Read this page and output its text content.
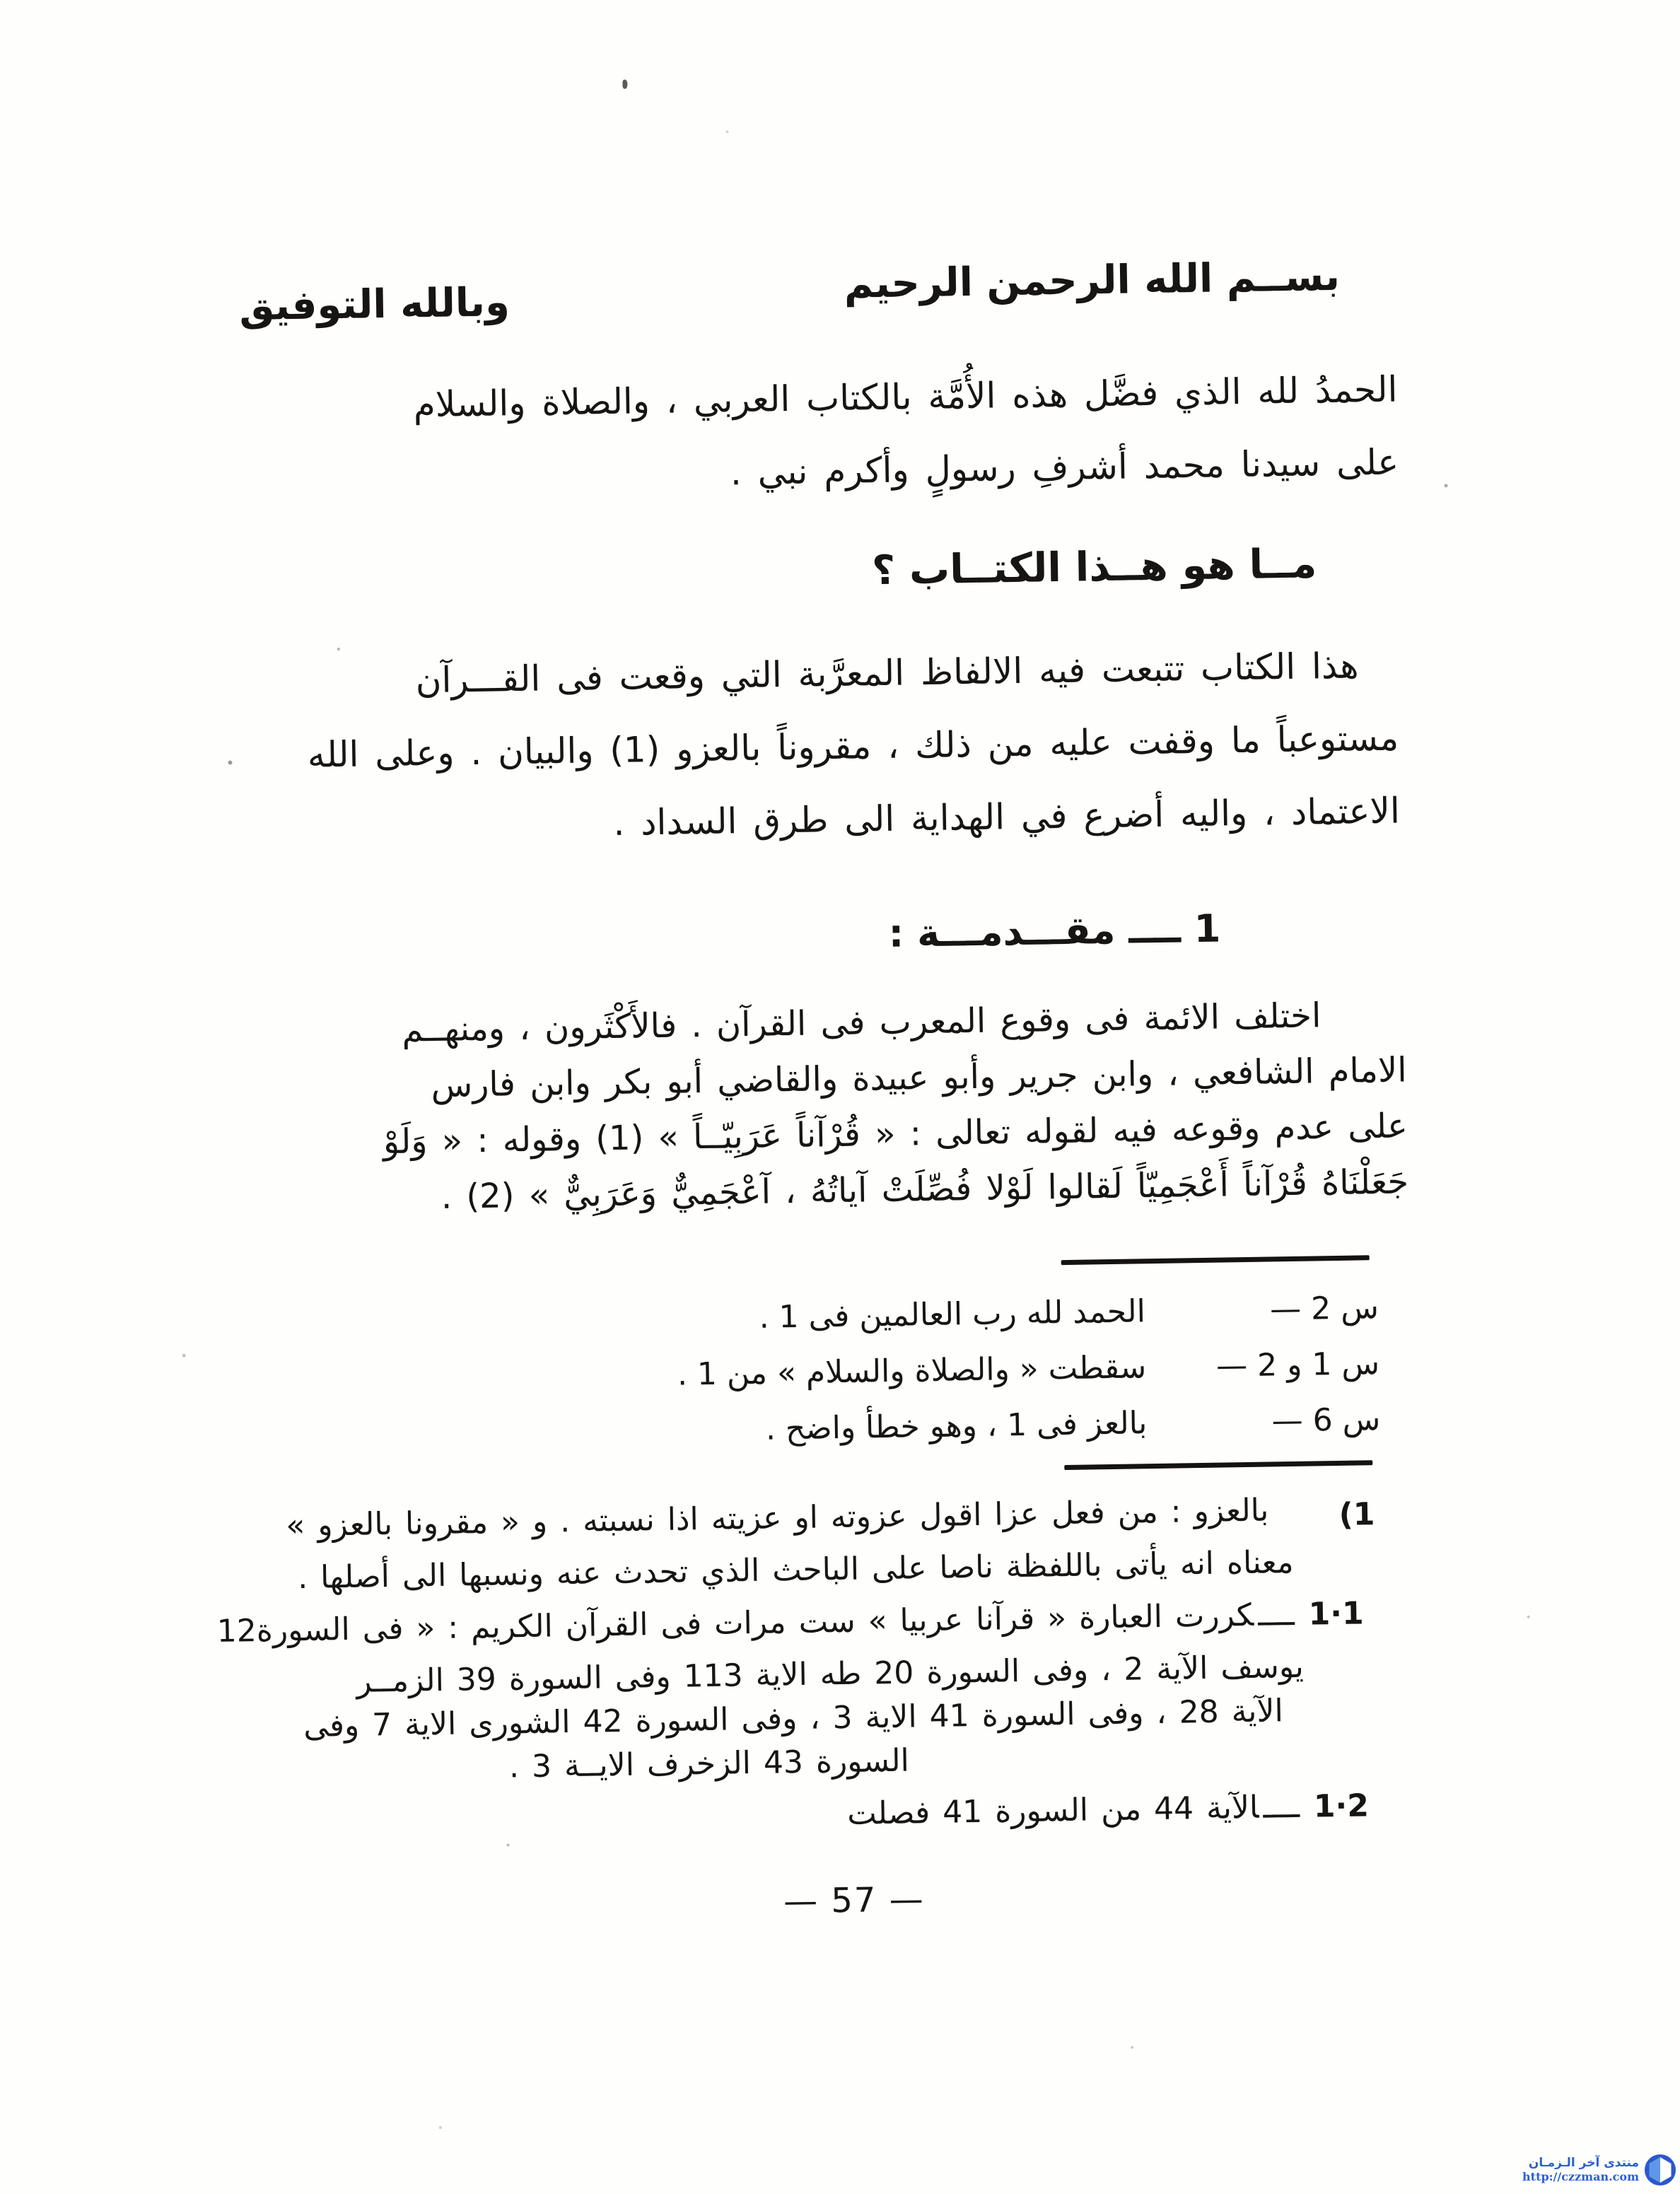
بســم الله الرحمن الرحيم
وبالله التوفيق
الحمدُ لله الذي فضَّل هذه الأُمَّة بالكتاب العربي ، والصلاة والسلام
على سيدنا محمد أشرفِ رسولٍ وأكرم نبي .
مــا هو هــذا الكتــاب ؟
هذا الكتاب تتبعت فيه الالفاظ المعرَّبة التي وقعت فى القـــرآن
مستوعباً ما وقفت عليه من ذلك ، مقروناً بالعزو (1) والبيان . وعلى الله
الاعتماد ، واليه أضرع في الهداية الى طرق السداد .
1 ــــ مقـــدمـــة :
اختلف الائمة فى وقوع المعرب فى القرآن . فالأَكْثَرون ، ومنهــم
الامام الشافعي ، وابن جرير وأبو عبيدة والقاضي أبو بكر وابن فارس
على عدم وقوعه فيه لقوله تعالى : « قُرْآناً عَرَبِيّــاً » (1) وقوله : « وَلَوْ
جَعَلْنَاهُ قُرْآناً أَعْجَمِيّاً لَقالوا لَوْلا فُصِّلَتْ آياتُهُ ، آعْجَمِيٌّ وَعَرَبِيٌّ » (2) .
س 2 —
الحمد لله رب العالمين فى 1 .
س 1 و 2 —
سقطت « والصلاة والسلام » من 1 .
س 6 —
بالعز فى 1 ، وهو خطأ واضح .
(1
بالعزو : من فعل عزا اقول عزوته او عزيته اذا نسبته . و « مقرونا بالعزو »
معناه انه يأتى باللفظة ناصا على الباحث الذي تحدث عنه ونسبها الى أصلها .
1·1ــــكررت العبارة « قرآنا عربيا » ست مرات فى القرآن الكريم : « فى السورة12
يوسف الآية 2 ، وفى السورة 20 طه الاية 113 وفى السورة 39 الزمــر
الآية 28 ، وفى السورة 41 الاية 3 ، وفى السورة 42 الشورى الاية 7 وفى
السورة 43 الزخرف الايــة 3 .
1·2ــــالآية 44 من السورة 41 فصلت
— 57 —
منتدى آخر الـزمـان
http://czzman.com
